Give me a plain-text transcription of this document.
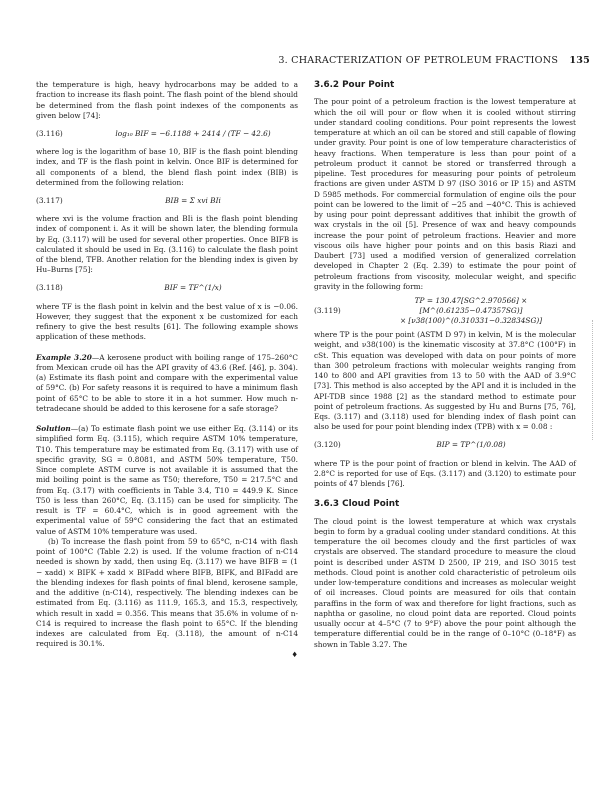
3. CHARACTERIZATION OF PETROLEUM FRACTIONS 135

the temperature is high, heavy hydrocarbons may be added to a fraction to increase its flash point. The flash point of the blend should be determined from the flash point indexes of the components as given below [74]:

(3.116)	log₁₀ BIF = −6.1188 + 2414 / (TF − 42.6)

where log is the logarithm of base 10, BIF is the flash point blending index, and TF is the flash point in kelvin. Once BIF is determined for all components of a blend, the blend flash point index (BIB) is determined from the following relation:

(3.117)	BIB = Σ xvi BIi

where xvi is the volume fraction and BIi is the flash point blending index of component i. As it will be shown later, the blending formula by Eq. (3.117) will be used for several other properties. Once BIFB is calculated it should be used in Eq. (3.116) to calculate the flash point of the blend, TFB. Another relation for the blending index is given by Hu–Burns [75]:

(3.118)	BIF = TF^(1/x)

where TF is the flash point in kelvin and the best value of x is −0.06. However, they suggest that the exponent x be customized for each refinery to give the best results [61]. The following example shows application of these methods.

Example 3.20—A kerosene product with boiling range of 175–260°C from Mexican crude oil has the API gravity of 43.6 (Ref. [46], p. 304). (a) Estimate its flash point and compare with the experimental value of 59°C. (b) For safety reasons it is required to have a minimum flash point of 65°C to be able to store it in a hot summer. How much n-tetradecane should be added to this kerosene for a safe storage?

Solution—(a) To estimate flash point we use either Eq. (3.114) or its simplified form Eq. (3.115), which require ASTM 10% temperature, T10. This temperature may be estimated from Eq. (3.117) with use of specific gravity, SG = 0.8081, and ASTM 50% temperature, T50. Since complete ASTM curve is not available it is assumed that the mid boiling point is the same as T50; therefore, T50 = 217.5°C and from Eq. (3.17) with coefficients in Table 3.4, T10 = 449.9 K. Since T50 is less than 260°C, Eq. (3.115) can be used for simplicity. The result is TF = 60.4°C, which is in good agreement with the experimental value of 59°C considering the fact that an estimated value of ASTM 10% temperature was used.

(b) To increase the flash point from 59 to 65°C, n-C14 with flash point of 100°C (Table 2.2) is used. If the volume fraction of n-C14 needed is shown by xadd, then using Eq. (3.117) we have BIFB = (1 − xadd) × BIFK + xadd × BIFadd where BIFB, BIFK, and BIFadd are the blending indexes for flash points of final blend, kerosene sample, and the additive (n-C14), respectively. The blending indexes can be estimated from Eq. (3.116) as 111.9, 165.3, and 15.3, respectively, which result in xadd = 0.356. This means that 35.6% in volume of n-C14 is required to increase the flash point to 65°C. If the blending indexes are calculated from Eq. (3.118), the amount of n-C14 required is 30.1%.

♦
3.6.2 Pour Point

The pour point of a petroleum fraction is the lowest temperature at which the oil will pour or flow when it is cooled without stirring under standard cooling conditions. Pour point represents the lowest temperature at which an oil can be stored and still capable of flowing under gravity. Pour point is one of low temperature characteristics of heavy fractions. When temperature is less than pour point of a petroleum product it cannot be stored or transferred through a pipeline. Test procedures for measuring pour points of petroleum fractions are given under ASTM D 97 (ISO 3016 or IP 15) and ASTM D 5985 methods. For commercial formulation of engine oils the pour point can be lowered to the limit of −25 and −40°C. This is achieved by using pour point depressant additives that inhibit the growth of wax crystals in the oil [5]. Presence of wax and heavy compounds increase the pour point of petroleum fractions. Heavier and more viscous oils have higher pour points and on this basis Riazi and Daubert [73] used a modified version of generalized correlation developed in Chapter 2 (Eq. 2.39) to estimate the pour point of petroleum fractions from viscosity, molecular weight, and specific gravity in the following form:

(3.119)
TP = 130.47[SG^2.970566] × [M^(0.61235−0.47357SG)]
× [ν38(100)^(0.310331−0.32834SG)]

where TP is the pour point (ASTM D 97) in kelvin, M is the molecular weight, and ν38(100) is the kinematic viscosity at 37.8°C (100°F) in cSt. This equation was developed with data on pour points of more than 300 petroleum fractions with molecular weights ranging from 140 to 800 and API gravities from 13 to 50 with the AAD of 3.9°C [73]. This method is also accepted by the API and it is included in the API-TDB since 1988 [2] as the standard method to estimate pour point of petroleum fractions. As suggested by Hu and Burns [75, 76], Eqs. (3.117) and (3.118) used for blending index of flash point can also be used for pour point blending index (TPB) with x = 0.08 :

(3.120)	BIP = TP^(1/0.08)

where TP is the pour point of fraction or blend in kelvin. The AAD of 2.8°C is reported for use of Eqs. (3.117) and (3.120) to estimate pour points of 47 blends [76].

3.6.3 Cloud Point

The cloud point is the lowest temperature at which wax crystals begin to form by a gradual cooling under standard conditions. At this temperature the oil becomes cloudy and the first particles of wax crystals are observed. The standard procedure to measure the cloud point is described under ASTM D 2500, IP 219, and ISO 3015 test methods. Cloud point is another cold characteristic of petroleum oils under low-temperature conditions and increases as molecular weight of oil increases. Cloud points are measured for oils that contain paraffins in the form of wax and therefore for light fractions, such as naphtha or gasoline, no cloud point data are reported. Cloud points usually occur at 4–5°C (7 to 9°F) above the pour point although the temperature differential could be in the range of 0–10°C (0–18°F) as shown in Table 3.27. The
